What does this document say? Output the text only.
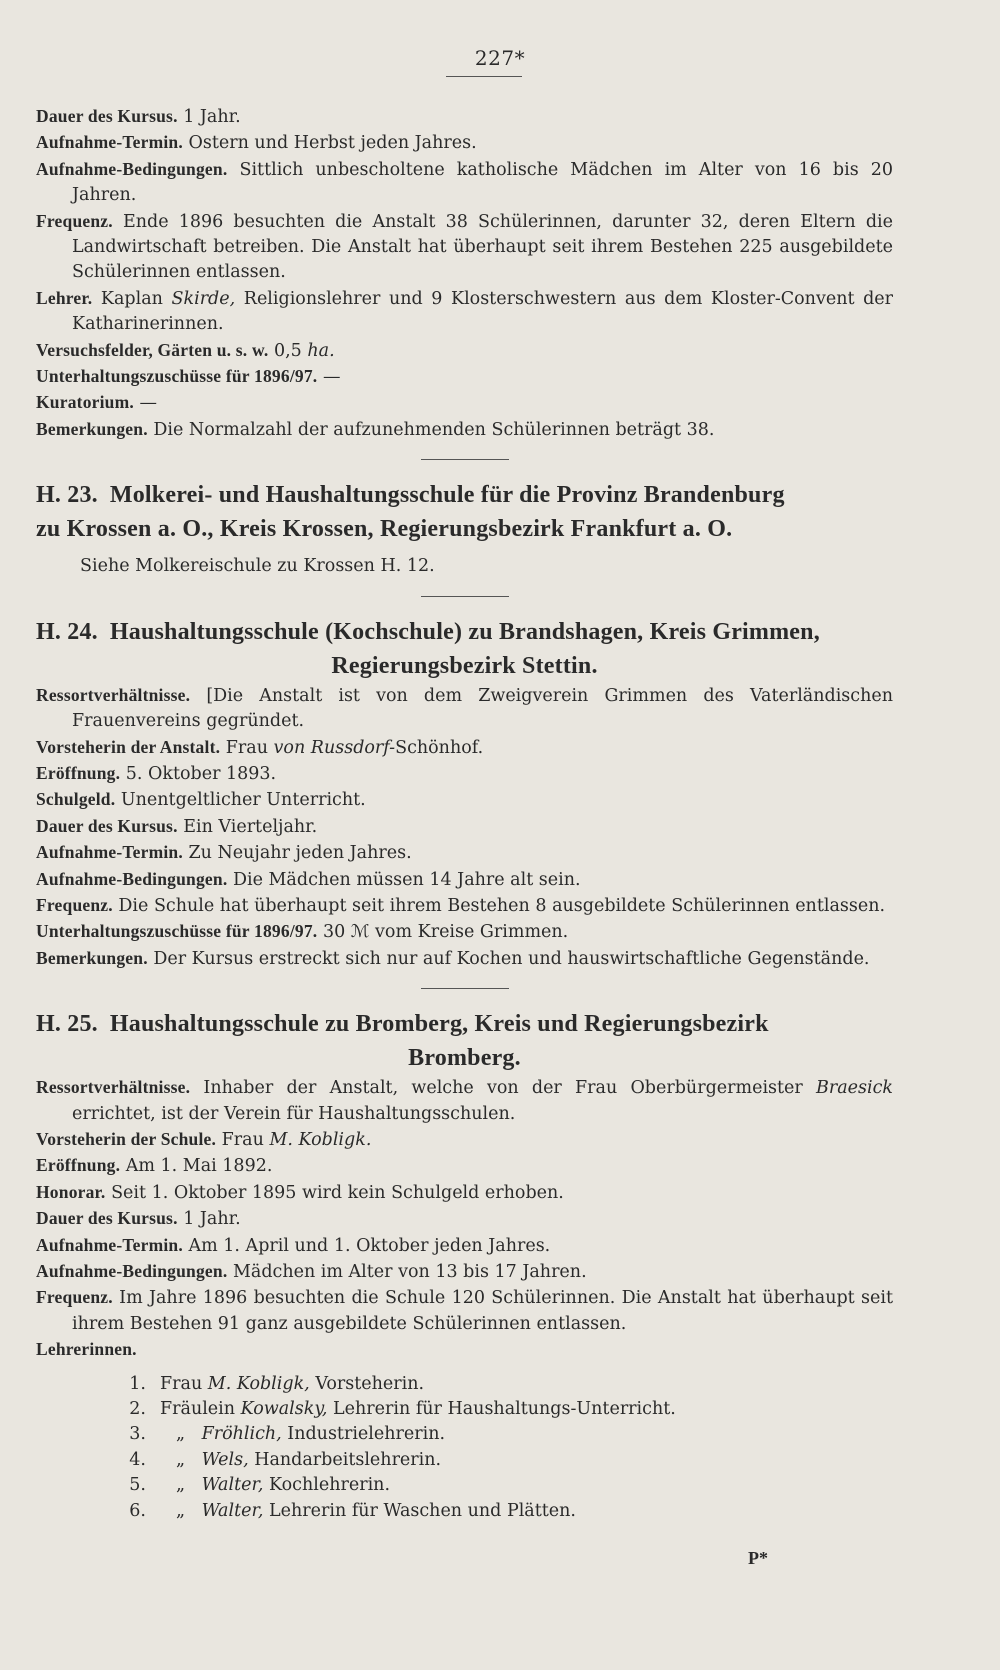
227*

Dauer des Kursus. 1 Jahr.

Aufnahme-Termin. Ostern und Herbst jeden Jahres.

Aufnahme-Bedingungen. Sittlich unbescholtene katholische Mädchen im Alter von 16 bis 20 Jahren.

Frequenz. Ende 1896 besuchten die Anstalt 38 Schülerinnen, darunter 32, deren Eltern die Landwirtschaft betreiben. Die Anstalt hat überhaupt seit ihrem Bestehen 225 ausgebildete Schülerinnen entlassen.

Lehrer. Kaplan Skirde, Religionslehrer und 9 Klosterschwestern aus dem Kloster-Convent der Katharinerinnen.

Versuchsfelder, Gärten u. s. w. 0,5 ha.

Unterhaltungszuschüsse für 1896/97. —

Kuratorium. —

Bemerkungen. Die Normalzahl der aufzunehmenden Schülerinnen beträgt 38.

H. 23. Molkerei- und Haushaltungsschule für die Provinz Brandenburg

zu Krossen a. O., Kreis Krossen, Regierungsbezirk Frankfurt a. O.

Siehe Molkereischule zu Krossen H. 12.

H. 24. Haushaltungsschule (Kochschule) zu Brandshagen, Kreis Grimmen,

Regierungsbezirk Stettin.

Ressortverhältnisse. [Die Anstalt ist von dem Zweigverein Grimmen des Vaterländischen Frauenvereins gegründet.

Vorsteherin der Anstalt. Frau von Russdorf-Schönhof.

Eröffnung. 5. Oktober 1893.

Schulgeld. Unentgeltlicher Unterricht.

Dauer des Kursus. Ein Vierteljahr.

Aufnahme-Termin. Zu Neujahr jeden Jahres.

Aufnahme-Bedingungen. Die Mädchen müssen 14 Jahre alt sein.

Frequenz. Die Schule hat überhaupt seit ihrem Bestehen 8 ausgebildete Schülerinnen entlassen.

Unterhaltungszuschüsse für 1896/97. 30 ℳ vom Kreise Grimmen.

Bemerkungen. Der Kursus erstreckt sich nur auf Kochen und hauswirtschaftliche Gegenstände.

H. 25. Haushaltungsschule zu Bromberg, Kreis und Regierungsbezirk

Bromberg.

Ressortverhältnisse. Inhaber der Anstalt, welche von der Frau Oberbürgermeister Braesick errichtet, ist der Verein für Haushaltungsschulen.

Vorsteherin der Schule. Frau M. Kobligk.

Eröffnung. Am 1. Mai 1892.

Honorar. Seit 1. Oktober 1895 wird kein Schulgeld erhoben.

Dauer des Kursus. 1 Jahr.

Aufnahme-Termin. Am 1. April und 1. Oktober jeden Jahres.

Aufnahme-Bedingungen. Mädchen im Alter von 13 bis 17 Jahren.

Frequenz. Im Jahre 1896 besuchten die Schule 120 Schülerinnen. Die Anstalt hat überhaupt seit ihrem Bestehen 91 ganz ausgebildete Schülerinnen entlassen.

Lehrerinnen.

1. Frau M. Kobligk, Vorsteherin.
2. Fräulein Kowalsky, Lehrerin für Haushaltungs-Unterricht.
3. „ Fröhlich, Industrielehrerin.
4. „ Wels, Handarbeitslehrerin.
5. „ Walter, Kochlehrerin.
6. „ Walter, Lehrerin für Waschen und Plätten.
P*
